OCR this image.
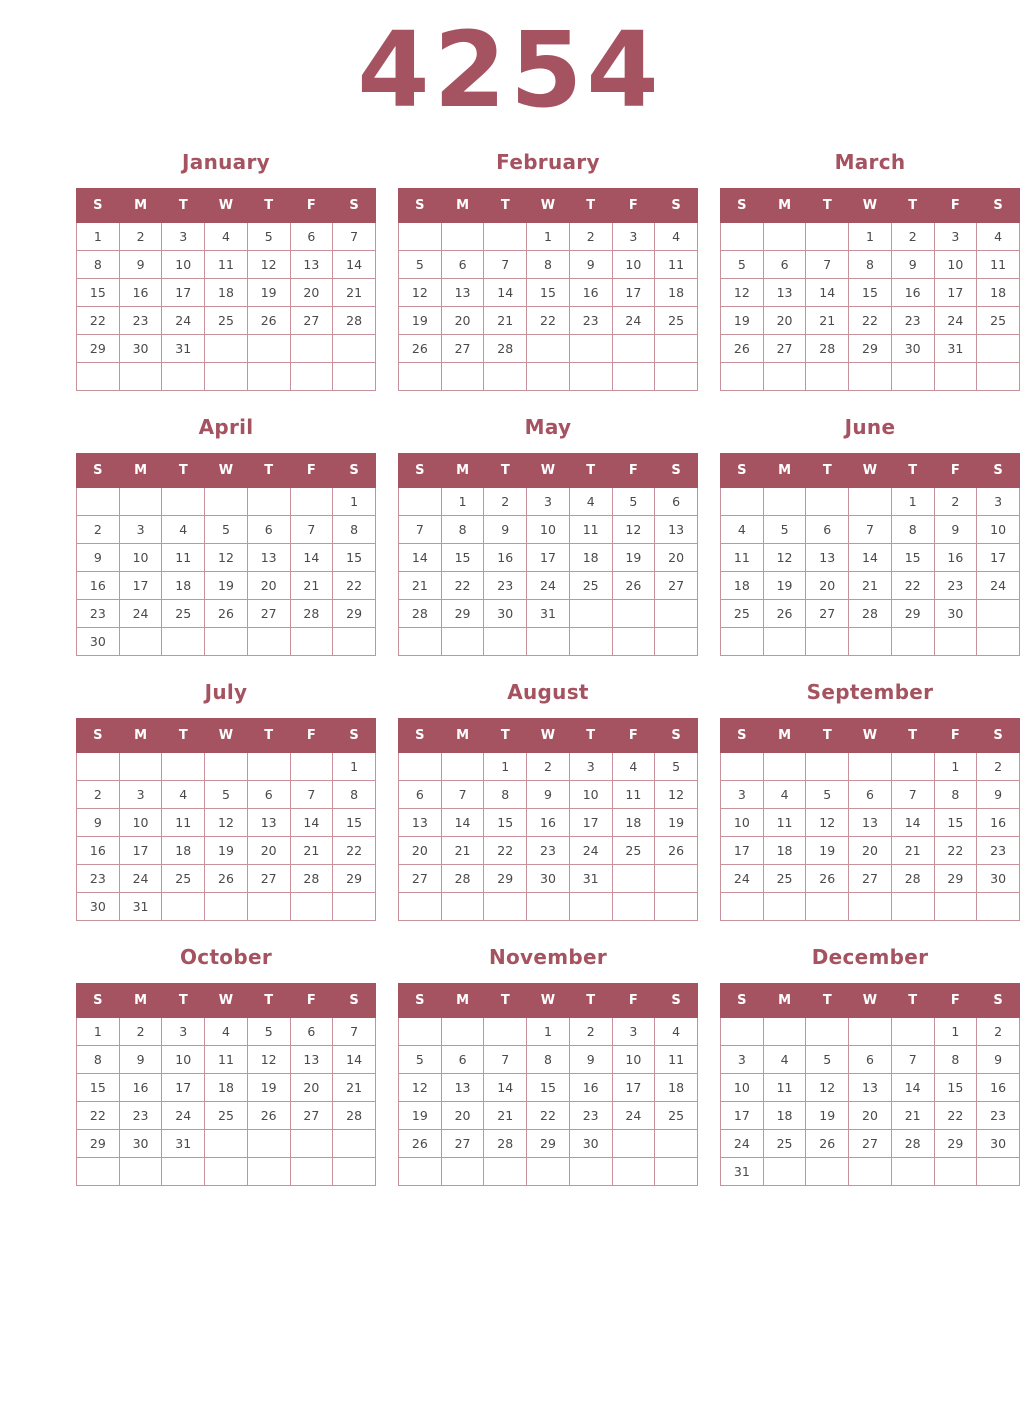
4254
January
S	M	T	W	T	F	S
1	2	3	4	5	6	7
8	9	10	11	12	13	14
15	16	17	18	19	20	21
22	23	24	25	26	27	28
29	30	31				

February
S	M	T	W	T	F	S
			1	2	3	4
5	6	7	8	9	10	11
12	13	14	15	16	17	18
19	20	21	22	23	24	25
26	27	28				

March
S	M	T	W	T	F	S
			1	2	3	4
5	6	7	8	9	10	11
12	13	14	15	16	17	18
19	20	21	22	23	24	25
26	27	28	29	30	31	

April
S	M	T	W	T	F	S
						1
2	3	4	5	6	7	8
9	10	11	12	13	14	15
16	17	18	19	20	21	22
23	24	25	26	27	28	29
30						
May
S	M	T	W	T	F	S
	1	2	3	4	5	6
7	8	9	10	11	12	13
14	15	16	17	18	19	20
21	22	23	24	25	26	27
28	29	30	31			

June
S	M	T	W	T	F	S
				1	2	3
4	5	6	7	8	9	10
11	12	13	14	15	16	17
18	19	20	21	22	23	24
25	26	27	28	29	30	

July
S	M	T	W	T	F	S
						1
2	3	4	5	6	7	8
9	10	11	12	13	14	15
16	17	18	19	20	21	22
23	24	25	26	27	28	29
30	31					
August
S	M	T	W	T	F	S
		1	2	3	4	5
6	7	8	9	10	11	12
13	14	15	16	17	18	19
20	21	22	23	24	25	26
27	28	29	30	31		

September
S	M	T	W	T	F	S
					1	2
3	4	5	6	7	8	9
10	11	12	13	14	15	16
17	18	19	20	21	22	23
24	25	26	27	28	29	30

October
S	M	T	W	T	F	S
1	2	3	4	5	6	7
8	9	10	11	12	13	14
15	16	17	18	19	20	21
22	23	24	25	26	27	28
29	30	31				

November
S	M	T	W	T	F	S
			1	2	3	4
5	6	7	8	9	10	11
12	13	14	15	16	17	18
19	20	21	22	23	24	25
26	27	28	29	30		

December
S	M	T	W	T	F	S
					1	2
3	4	5	6	7	8	9
10	11	12	13	14	15	16
17	18	19	20	21	22	23
24	25	26	27	28	29	30
31						
